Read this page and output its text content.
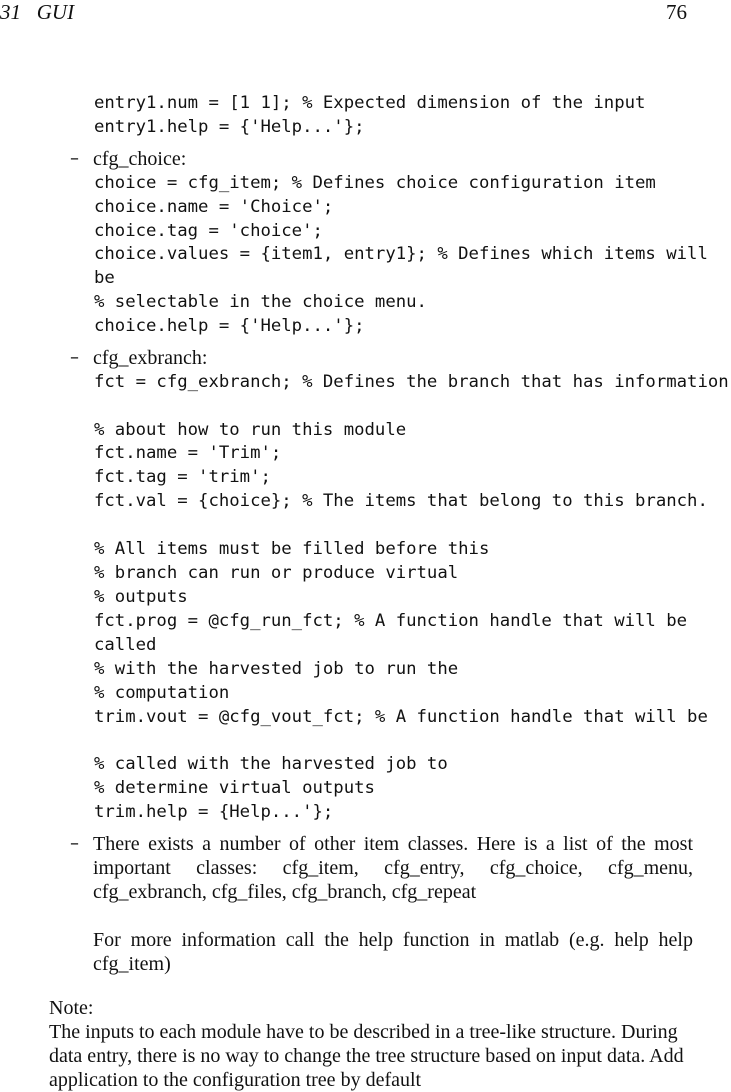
31   GUI	76
entry1.num = [1 1]; % Expected dimension of the input
entry1.help = {'Help...'};
– cfg_choice:
choice = cfg_item; % Defines choice configuration item
choice.name = 'Choice';
choice.tag = 'choice';
choice.values = {item1, entry1}; % Defines which items will
be
% selectable in the choice menu.
choice.help = {'Help...'};
– cfg_exbranch:
fct = cfg_exbranch; % Defines the branch that has information
% about how to run this module
fct.name = 'Trim';
fct.tag = 'trim';
fct.val = {choice}; % The items that belong to this branch.
% All items must be filled before this
% branch can run or produce virtual
% outputs
fct.prog = @cfg_run_fct; % A function handle that will be
called
% with the harvested job to run the
% computation
trim.vout = @cfg_vout_fct; % A function handle that will be
% called with the harvested job to
% determine virtual outputs
trim.help = {Help...'};
– There exists a number of other item classes. Here is a list of the most important classes: cfg_item, cfg_entry, cfg_choice, cfg_menu, cfg_exbranch, cfg_files, cfg_branch, cfg_repeat
For more information call the help function in matlab (e.g. help help cfg_item)
Note:
The inputs to each module have to be described in a tree-like structure. During data entry, there is no way to change the tree structure based on input data. Add application to the configuration tree by default
